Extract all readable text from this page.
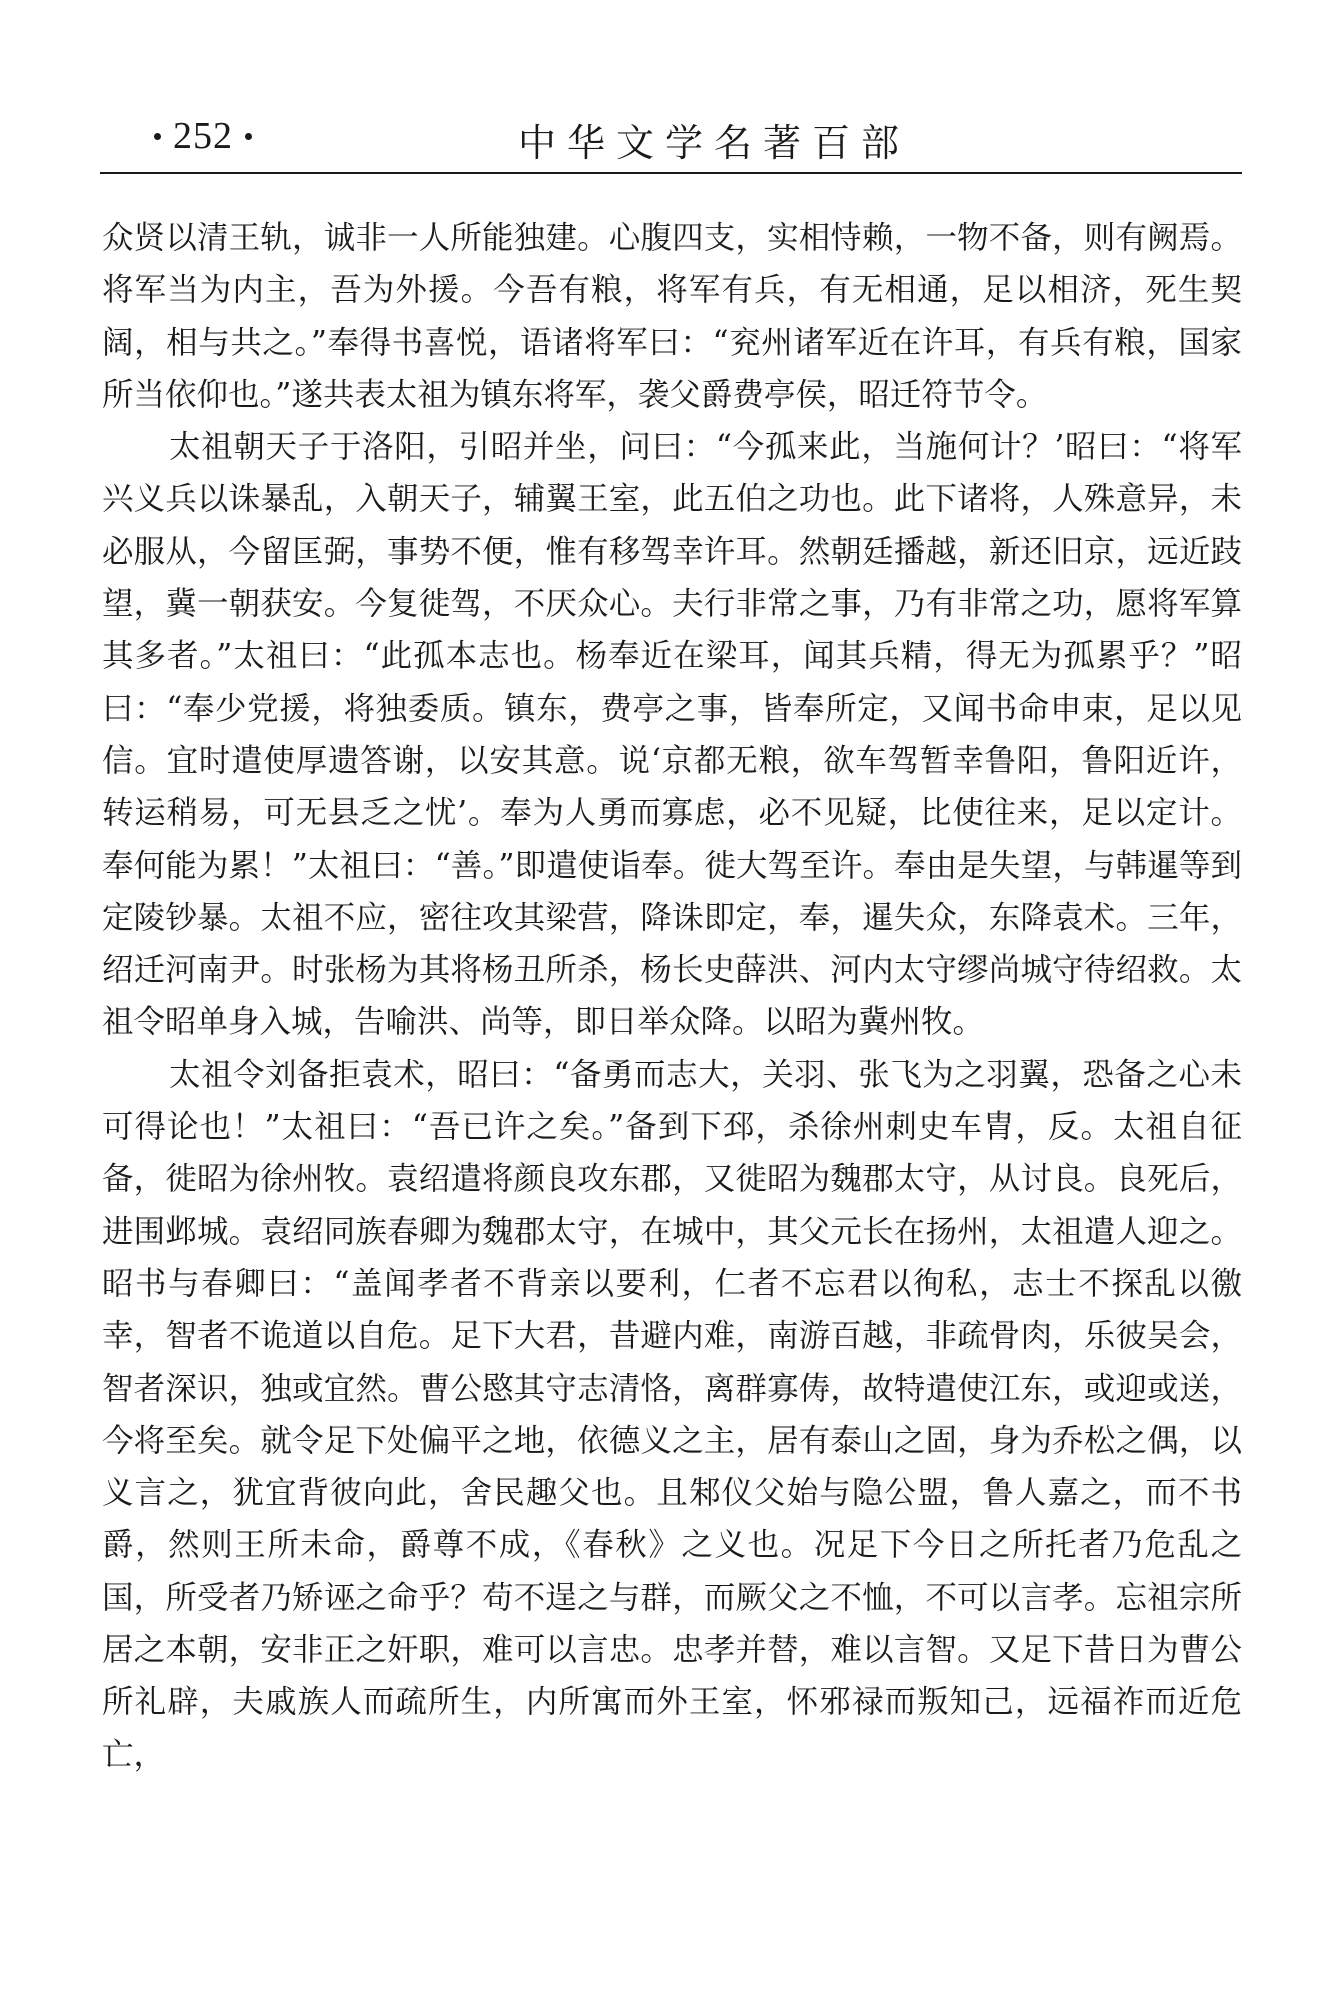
252	中华文学名著百部

众贤以清王轨，诚非一人所能独建。心腹四支，实相恃赖，一物不备，则有阙焉。将军当为内主，吾为外援。今吾有粮，将军有兵，有无相通，足以相济，死生契阔，相与共之。”奉得书喜悦，语诸将军曰：“兖州诸军近在许耳，有兵有粮，国家所当依仰也。”遂共表太祖为镇东将军，袭父爵费亭侯，昭迁符节令。

太祖朝天子于洛阳，引昭并坐，问曰：“今孤来此，当施何计？’昭曰：“将军兴义兵以诛暴乱，入朝天子，辅翼王室，此五伯之功也。此下诸将，人殊意异，未必服从，今留匡弼，事势不便，惟有移驾幸许耳。然朝廷播越，新还旧京，远近跂望，冀一朝获安。今复徙驾，不厌众心。夫行非常之事，乃有非常之功，愿将军算其多者。”太祖曰：“此孤本志也。杨奉近在梁耳，闻其兵精，得无为孤累乎？”昭曰：“奉少党援，将独委质。镇东，费亭之事，皆奉所定，又闻书命申束，足以见信。宜时遣使厚遗答谢，以安其意。说‘京都无粮，欲车驾暂幸鲁阳，鲁阳近许，转运稍易，可无县乏之忧’。奉为人勇而寡虑，必不见疑，比使往来，足以定计。奉何能为累！”太祖曰：“善。”即遣使诣奉。徙大驾至许。奉由是失望，与韩暹等到定陵钞暴。太祖不应，密往攻其梁营，降诛即定，奉，暹失众，东降袁术。三年，绍迁河南尹。时张杨为其将杨丑所杀，杨长史薛洪、河内太守缪尚城守待绍救。太祖令昭单身入城，告喻洪、尚等，即日举众降。以昭为冀州牧。

太祖令刘备拒袁术，昭曰：“备勇而志大，关羽、张飞为之羽翼，恐备之心未可得论也！”太祖曰：“吾已许之矣。”备到下邳，杀徐州刺史车胄，反。太祖自征备，徙昭为徐州牧。袁绍遣将颜良攻东郡，又徙昭为魏郡太守，从讨良。良死后，进围邺城。袁绍同族春卿为魏郡太守，在城中，其父元长在扬州，太祖遣人迎之。昭书与春卿曰：“盖闻孝者不背亲以要利，仁者不忘君以徇私，志士不探乱以徼幸，智者不诡道以自危。足下大君，昔避内难，南游百越，非疏骨肉，乐彼吴会，智者深识，独或宜然。曹公愍其守志清恪，离群寡俦，故特遣使江东，或迎或送，今将至矣。就令足下处偏平之地，依德义之主，居有泰山之固，身为乔松之偶，以义言之，犹宜背彼向此，舍民趣父也。且邾仪父始与隐公盟，鲁人嘉之，而不书爵，然则王所未命，爵尊不成，《春秋》之义也。况足下今日之所托者乃危乱之国，所受者乃矫诬之命乎？苟不逞之与群，而厥父之不恤，不可以言孝。忘祖宗所居之本朝，安非正之奸职，难可以言忠。忠孝并替，难以言智。又足下昔日为曹公所礼辟，夫戚族人而疏所生，内所寓而外王室，怀邪禄而叛知己，远福祚而近危亡，
